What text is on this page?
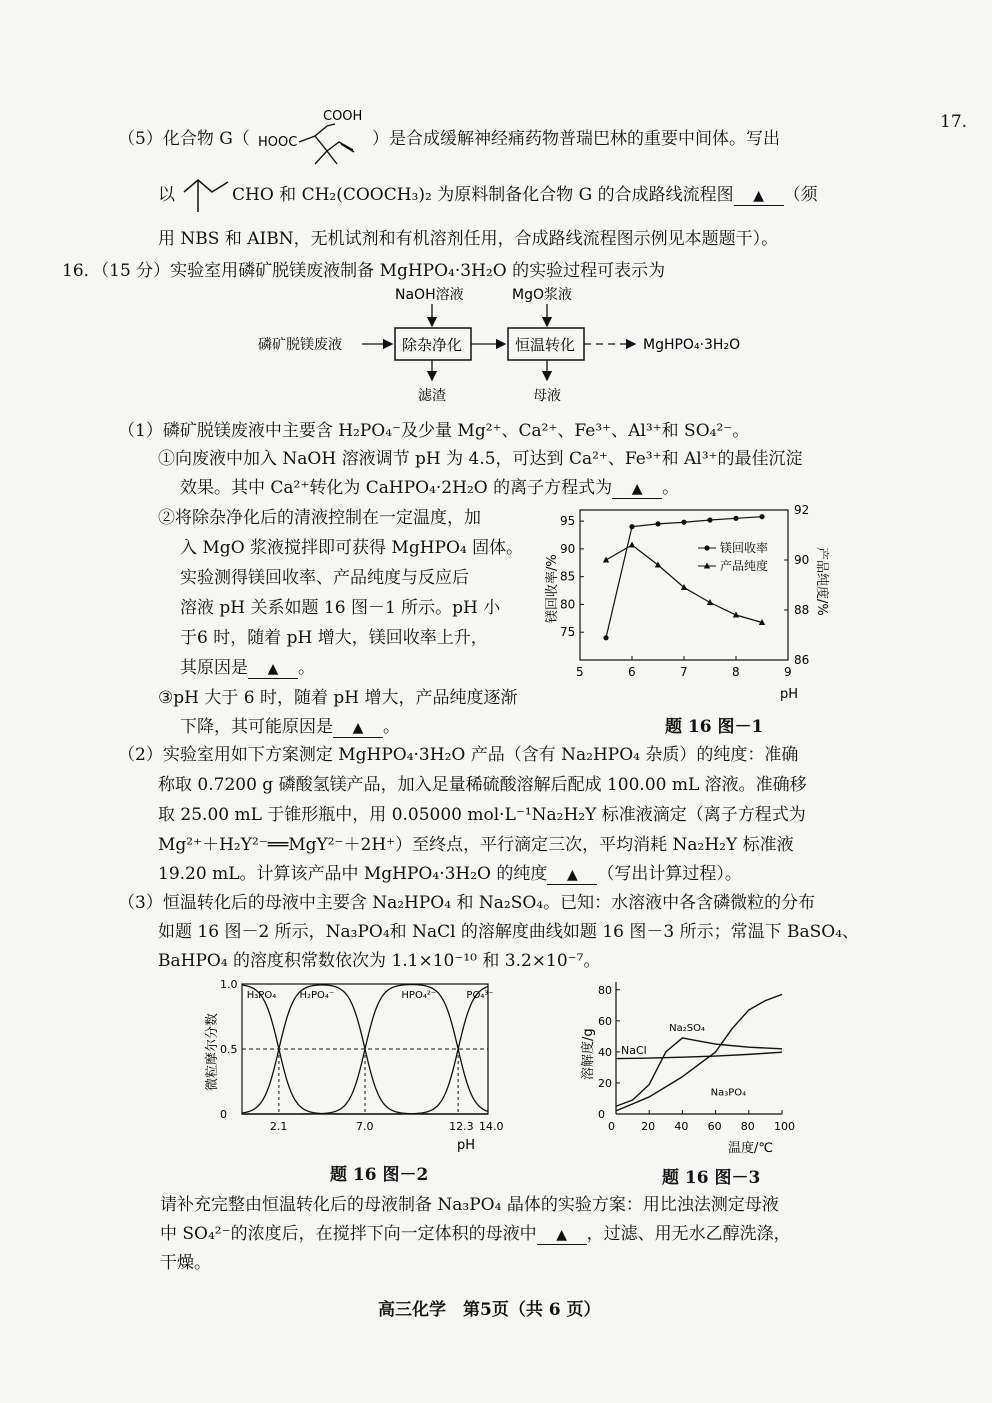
17.
（5）化合物 G（ HOOC
COOH
）是合成缓解神经痛药物普瑞巴林的重要中间体。写出
以	CHO 和 CH₂(COOCH₃)₂ 为原料制备化合物 G 的合成路线流程图 ▲ （须
用 NBS 和 AIBN，无机试剂和有机溶剂任用，合成路线流程图示例见本题题干）。
16．（15 分）实验室用磷矿脱镁废液制备 MgHPO₄·3H₂O 的实验过程可表示为
NaOH溶液	MgO浆液
磷矿脱镁废液	除杂净化	恒温转化	MgHPO₄·3H₂O
滤渣	母液
（1）磷矿脱镁废液中主要含 H₂PO₄⁻及少量 Mg²⁺、Ca²⁺、Fe³⁺、Al³⁺和 SO₄²⁻。
①向废液中加入 NaOH 溶液调节 pH 为 4.5，可达到 Ca²⁺、Fe³⁺和 Al³⁺的最佳沉淀
效果。其中 Ca²⁺转化为 CaHPO₄·2H₂O 的离子方程式为 ▲ 。
②将除杂净化后的清液控制在一定温度，加
入 MgO 浆液搅拌即可获得 MgHPO₄ 固体。
实验测得镁回收率、产品纯度与反应后
溶液 pH 关系如题 16 图－1 所示。pH 小
于6 时，随着 pH 增大，镁回收率上升，
其原因是 ▲ 。
③pH 大于 6 时，随着 pH 增大，产品纯度逐渐
下降，其可能原因是 ▲ 。
5	6	7	8	9
75
80
85
90
95
86
88
90
92
pH
镁回收率/%	产品纯度/%
镁回收率
产品纯度
题 16 图－1
（2）实验室用如下方案测定 MgHPO₄·3H₂O 产品（含有 Na₂HPO₄ 杂质）的纯度：准确
称取 0.7200 g 磷酸氢镁产品，加入足量稀硫酸溶解后配成 100.00 mL 溶液。准确移
取 25.00 mL 于锥形瓶中，用 0.05000 mol·L⁻¹Na₂H₂Y 标准液滴定（离子方程式为
Mg²⁺＋H₂Y²⁻══MgY²⁻＋2H⁺）至终点，平行滴定三次，平均消耗 Na₂H₂Y 标准液
19.20 mL。计算该产品中 MgHPO₄·3H₂O 的纯度 ▲ （写出计算过程）。
（3）恒温转化后的母液中主要含 Na₂HPO₄ 和 Na₂SO₄。已知：水溶液中各含磷微粒的分布
如题 16 图－2 所示，Na₃PO₄和 NaCl 的溶解度曲线如题 16 图－3 所示；常温下 BaSO₄、
BaHPO₄ 的溶度积常数依次为 1.1×10⁻¹⁰ 和 3.2×10⁻⁷。
0
0.5
1.0
2.1	7.0	12.3 14.0
pH
微粒摩尔分数
H₃PO₄ H₂PO₄⁻	HPO₄²⁻	PO₄³⁻
题 16 图－2
0
20
40
60
80
0 20 40 60 80 100
温度/℃
溶解度/g NaCl
Na₂SO₄
Na₃PO₄
题 16 图－3
请补充完整由恒温转化后的母液制备 Na₃PO₄ 晶体的实验方案：用比浊法测定母液
中 SO₄²⁻的浓度后，在搅拌下向一定体积的母液中 ▲ ，过滤、用无水乙醇洗涤，
干燥。
高三化学　第5页（共 6 页）
